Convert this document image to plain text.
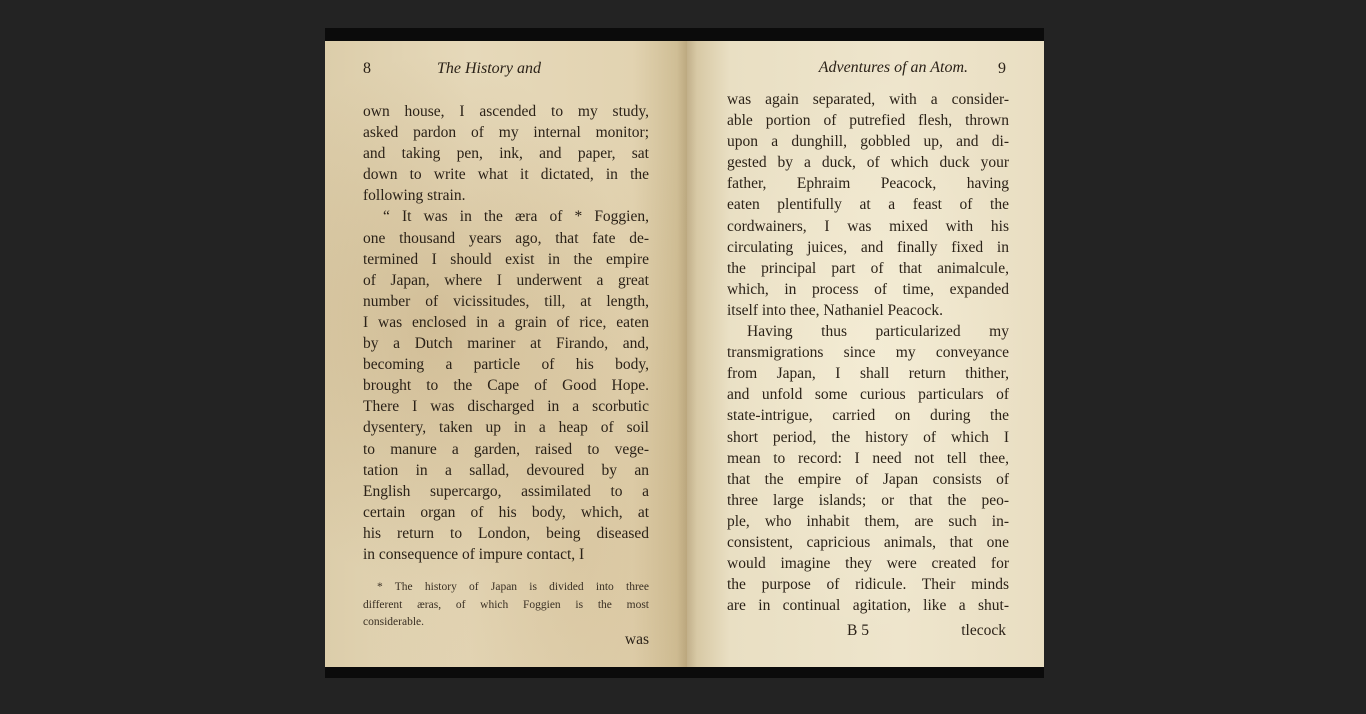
8	The History and
own house, I ascended to my study,
asked pardon of my internal monitor;
and taking pen, ink, and paper, sat
down to write what it dictated, in the
following strain.
“ It was in the æra of * Foggien,
one thousand years ago, that fate de-
termined I should exist in the empire
of Japan, where I underwent a great
number of vicissitudes, till, at length,
I was enclosed in a grain of rice, eaten
by a Dutch mariner at Firando, and,
becoming a particle of his body,
brought to the Cape of Good Hope.
There I was discharged in a scorbutic
dysentery, taken up in a heap of soil
to manure a garden, raised to vege-
tation in a sallad, devoured by an
English supercargo, assimilated to a
certain organ of his body, which, at
his return to London, being diseased
in consequence of impure contact, I
* The history of Japan is divided into three
different æras, of which Foggien is the most
considerable.
was
Adventures of an Atom. 9
was again separated, with a consider-
able portion of putrefied flesh, thrown
upon a dunghill, gobbled up, and di-
gested by a duck, of which duck your
father, Ephraim Peacock, having
eaten plentifully at a feast of the
cordwainers, I was mixed with his
circulating juices, and finally fixed in
the principal part of that animalcule,
which, in process of time, expanded
itself into thee, Nathaniel Peacock.
Having thus particularized my
transmigrations since my conveyance
from Japan, I shall return thither,
and unfold some curious particulars of
state-intrigue, carried on during the
short period, the history of which I
mean to record: I need not tell thee,
that the empire of Japan consists of
three large islands; or that the peo-
ple, who inhabit them, are such in-
consistent, capricious animals, that one
would imagine they were created for
the purpose of ridicule. Their minds
are in continual agitation, like a shut-
B 5	tlecock
